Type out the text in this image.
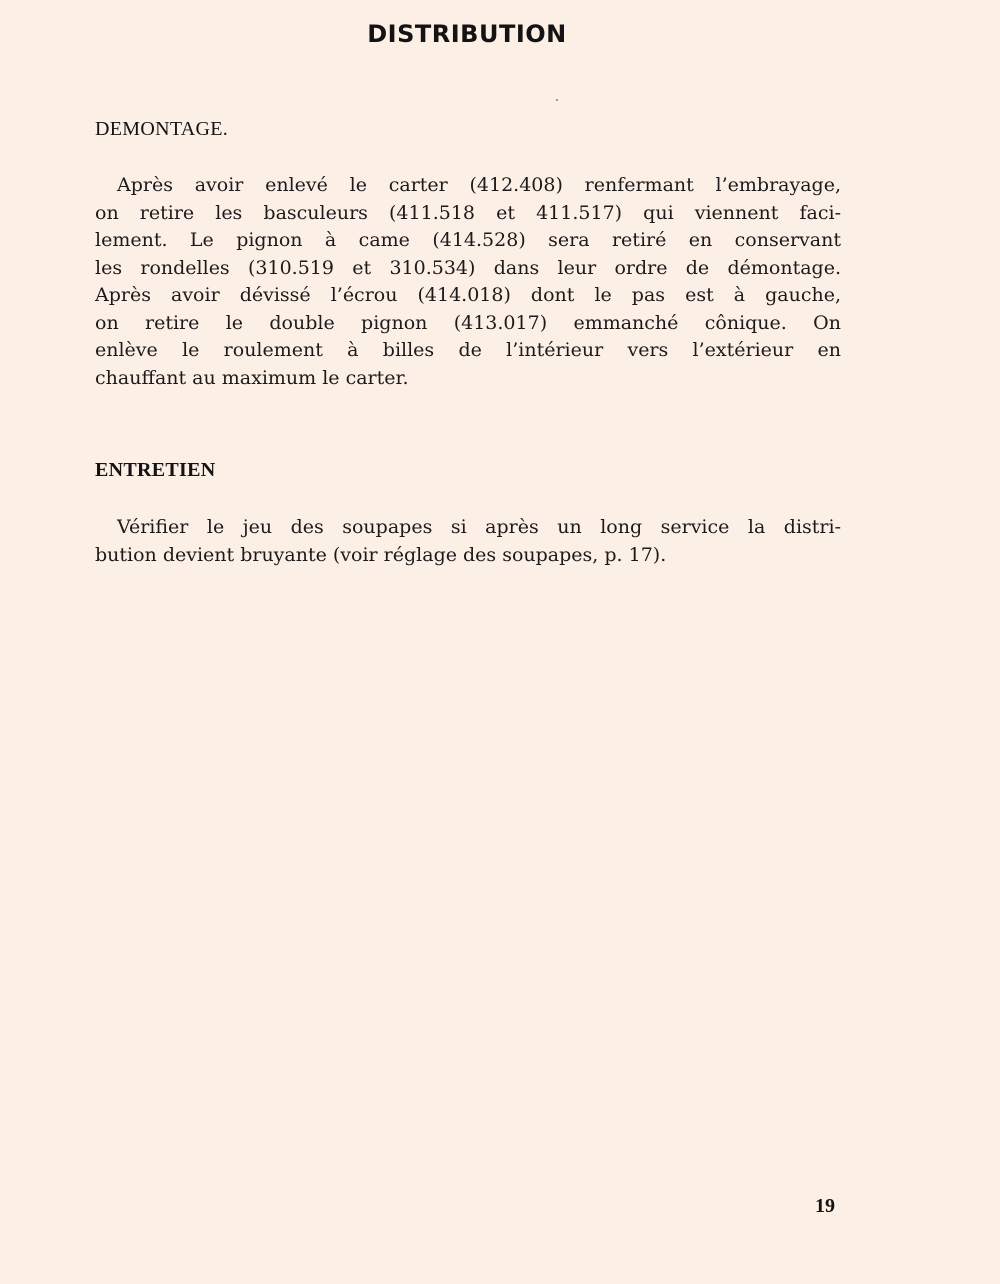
DISTRIBUTION
DEMONTAGE.
Après avoir enlevé le carter (412.408) renfermant l’embrayage,
on retire les basculeurs (411.518 et 411.517) qui viennent faci-
lement. Le pignon à came (414.528) sera retiré en conservant
les rondelles (310.519 et 310.534) dans leur ordre de démontage.
Après avoir dévissé l’écrou (414.018) dont le pas est à gauche,
on retire le double pignon (413.017) emmanché cônique. On
enlève le roulement à billes de l’intérieur vers l’extérieur en
chauffant au maximum le carter.
ENTRETIEN
Vérifier le jeu des soupapes si après un long service la distri-
bution devient bruyante (voir réglage des soupapes, p. 17).
19
